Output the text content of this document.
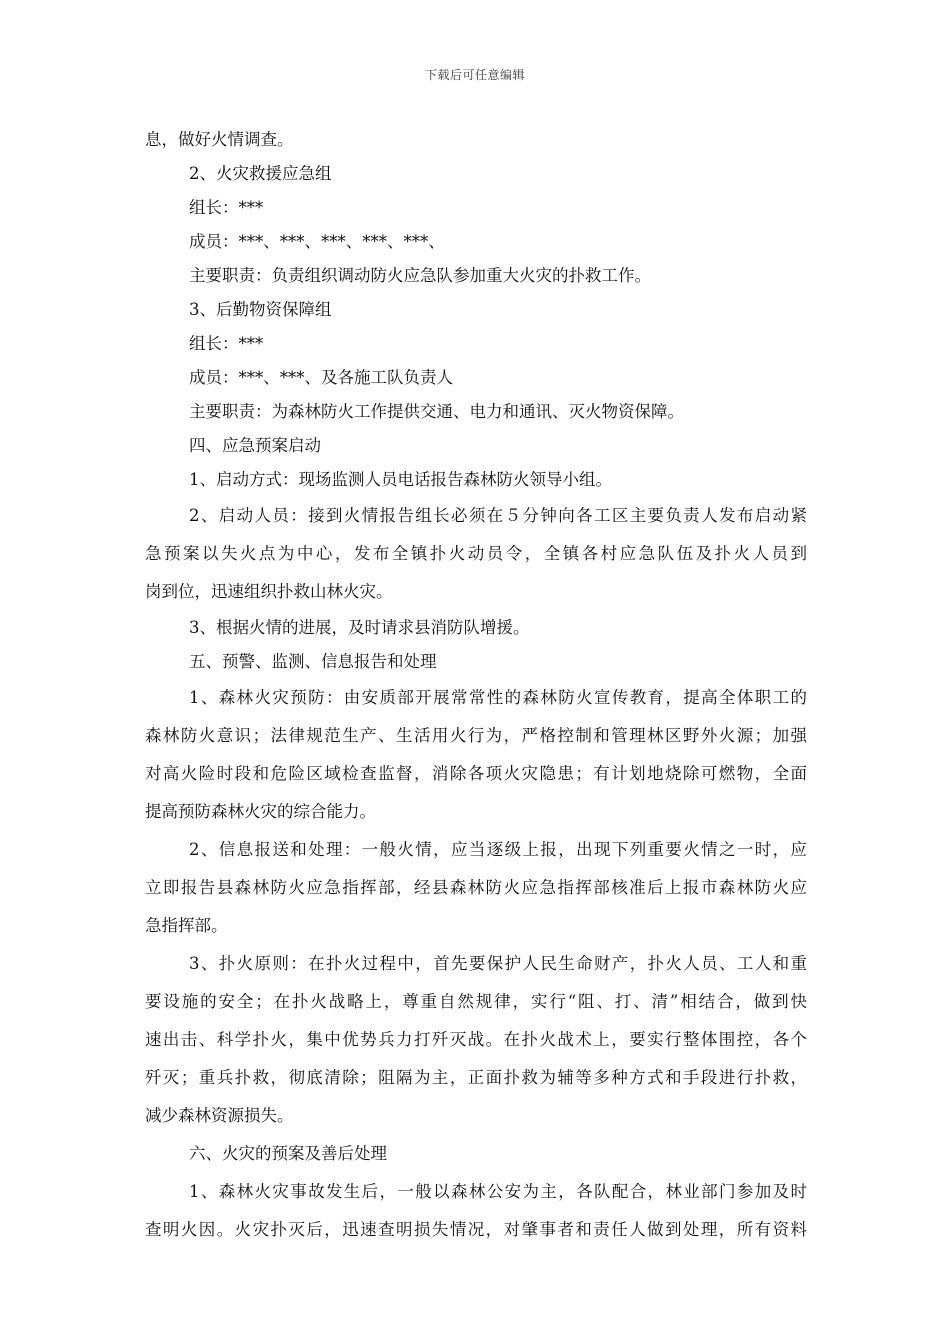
下载后可任意编辑

息，做好火情调查。

2、火灾救援应急组

组长：***

成员：***、***、***、***、***、

主要职责：负责组织调动防火应急队参加重大火灾的扑救工作。

3、后勤物资保障组

组长：***

成员：***、***、及各施工队负责人

主要职责：为森林防火工作提供交通、电力和通讯、灭火物资保障。

四、应急预案启动

1、启动方式：现场监测人员电话报告森林防火领导小组。

2、启动人员：接到火情报告组长必须在５分钟向各工区主要负责人发布启动紧

急预案以失火点为中心，发布全镇扑火动员令，全镇各村应急队伍及扑火人员到

岗到位，迅速组织扑救山林火灾。

3、根据火情的进展，及时请求县消防队增援。

五、预警、监测、信息报告和处理

1、森林火灾预防：由安质部开展常常性的森林防火宣传教育，提高全体职工的

森林防火意识；法律规范生产、生活用火行为，严格控制和管理林区野外火源；加强

对高火险时段和危险区域检查监督，消除各项火灾隐患；有计划地烧除可燃物，全面

提高预防森林火灾的综合能力。

2、信息报送和处理：一般火情，应当逐级上报，出现下列重要火情之一时，应

立即报告县森林防火应急指挥部，经县森林防火应急指挥部核准后上报市森林防火应

急指挥部。

3、扑火原则：在扑火过程中，首先要保护人民生命财产，扑火人员、工人和重

要设施的安全；在扑火战略上，尊重自然规律，实行“阻、打、清”相结合，做到快

速出击、科学扑火，集中优势兵力打歼灭战。在扑火战术上，要实行整体围控，各个

歼灭；重兵扑救，彻底清除；阻隔为主，正面扑救为辅等多种方式和手段进行扑救，

减少森林资源损失。

六、火灾的预案及善后处理

1、森林火灾事故发生后，一般以森林公安为主，各队配合，林业部门参加及时

查明火因。火灾扑灭后，迅速查明损失情况，对肇事者和责任人做到处理，所有资料
